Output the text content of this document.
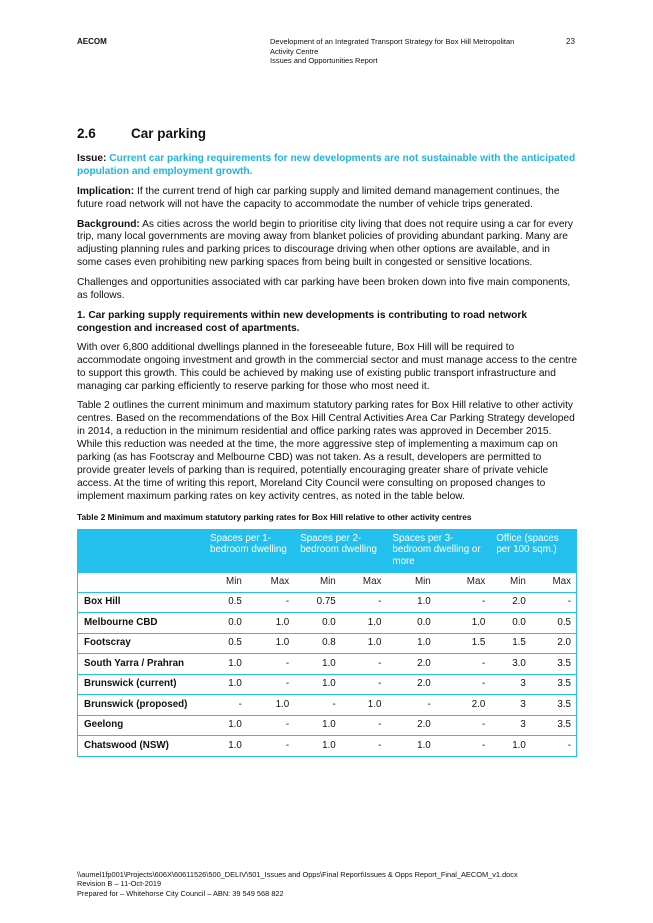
AECOM	Development of an Integrated Transport Strategy for Box Hill Metropolitan
Activity Centre
Issues and Opportunities Report
23
2.6	Car parking

Issue: Current car parking requirements for new developments are not sustainable with the anticipated population and employment growth.

Implication: If the current trend of high car parking supply and limited demand management continues, the future road network will not have the capacity to accommodate the number of vehicle trips generated.

Background: As cities across the world begin to prioritise city living that does not require using a car for every trip, many local governments are moving away from blanket policies of providing abundant parking. Many are adjusting planning rules and parking prices to discourage driving when other options are available, and in some cases even prohibiting new parking spaces from being built in congested or sensitive locations.

Challenges and opportunities associated with car parking have been broken down into five main components, as follows.

1. Car parking supply requirements within new developments is contributing to road network congestion and increased cost of apartments.

With over 6,800 additional dwellings planned in the foreseeable future, Box Hill will be required to accommodate ongoing investment and growth in the commercial sector and must manage access to the centre to support this growth. This could be achieved by making use of existing public transport infrastructure and managing car parking efficiently to reserve parking for those who most need it.

Table 2 outlines the current minimum and maximum statutory parking rates for Box Hill relative to other activity centres. Based on the recommendations of the Box Hill Central Activities Area Car Parking Strategy developed in 2014, a reduction in the minimum residential and office parking rates was approved in December 2015. While this reduction was needed at the time, the more aggressive step of implementing a maximum cap on parking (as has Footscray and Melbourne CBD) was not taken. As a result, developers are permitted to provide greater levels of parking than is required, potentially encouraging greater share of private vehicle access. At the time of writing this report, Moreland City Council were consulting on proposed changes to implement maximum parking rates on key activity centres, as noted in the table below.

Table 2 Minimum and maximum statutory parking rates for Box Hill relative to other activity centres

	Spaces per 1-bedroom dwelling		Spaces per 2-bedroom dwelling		Spaces per 3-bedroom dwelling or more		Office (spaces per 100 sqm.)	
	Min	Max	Min	Max	Min	Max	Min	Max
Box Hill	0.5	-	0.75	-	1.0	-	2.0	-
Melbourne CBD	0.0	1.0	0.0	1.0	0.0	1.0	0.0	0.5
Footscray	0.5	1.0	0.8	1.0	1.0	1.5	1.5	2.0
South Yarra / Prahran	1.0	-	1.0	-	2.0	-	3.0	3.5
Brunswick (current)	1.0	-	1.0	-	2.0	-	3	3.5
Brunswick (proposed)	-	1.0	-	1.0	-	2.0	3	3.5
Geelong	1.0	-	1.0	-	2.0	-	3	3.5
Chatswood (NSW)	1.0	-	1.0	-	1.0	-	1.0	-
\\aumel1fp001\Projects\606X\60611526\500_DELIV\501_Issues and Opps\Final Report\Issues & Opps Report_Final_AECOM_v1.docx
Revision B – 11-Oct-2019
Prepared for – Whitehorse City Council – ABN: 39 549 568 822
